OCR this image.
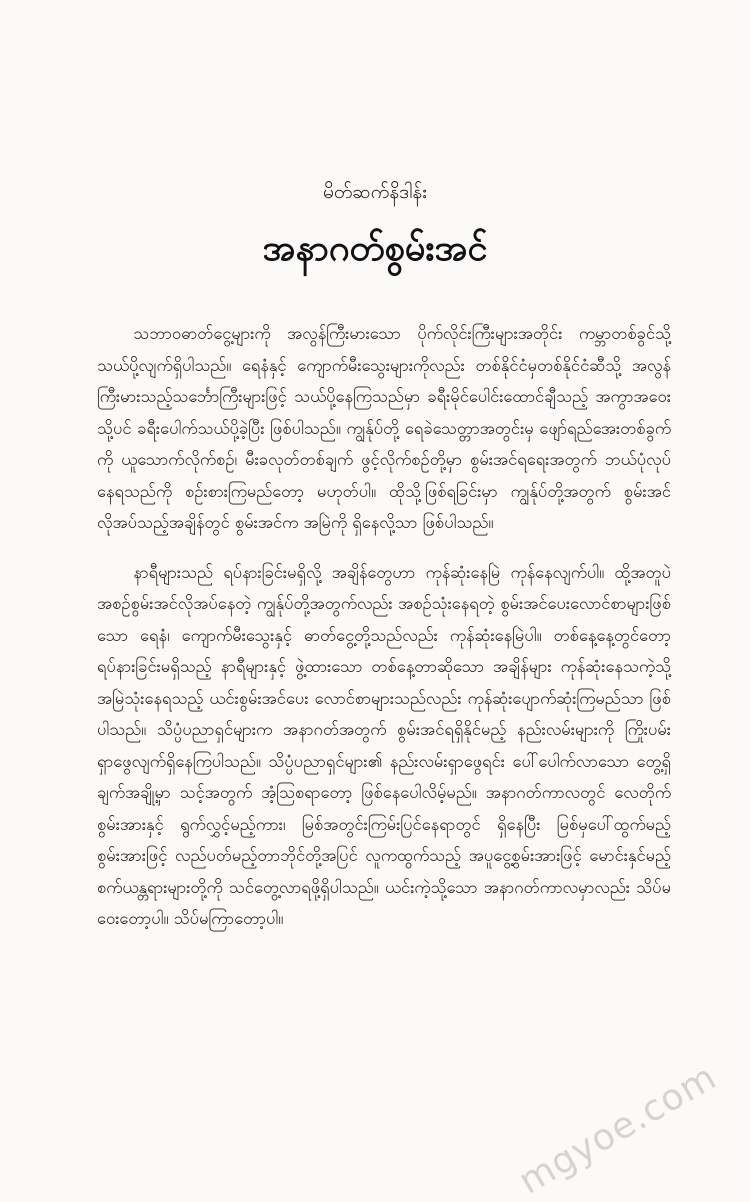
မိတ်ဆက်နိဒါန်း
အနာဂတ်စွမ်းအင်

သဘာဝဓာတ်ငွေ့များကို အလွန်ကြီးမားသော ပိုက်လိုင်းကြီးများအတိုင်း ကမ္ဘာတစ်ခွင်သို့ သယ်ပို့လျက်ရှိပါသည်။ ရေနံနှင့် ကျောက်မီးသွေးများကိုလည်း တစ်နိုင်ငံမှတစ်နိုင်ငံဆီသို့ အလွန်ကြီးမားသည့်သင်္ဘောကြီးများဖြင့် သယ်ပို့နေကြသည်မှာ ခရီးမိုင်ပေါင်းထောင်ချီသည့် အကွာအဝေးသို့ပင် ခရီးပေါက်သယ်ပို့ခဲ့ပြီး ဖြစ်ပါသည်။ ကျွန်ုပ်တို့ ရေခဲသေတ္တာအတွင်းမှ ဖျော်ရည်အေးတစ်ခွက်ကို ယူသောက်လိုက်စဉ်၊ မီးခလုတ်တစ်ချက် ဖွင့်လိုက်စဉ်တို့မှာ စွမ်းအင်ရရေးအတွက် ဘယ်ပုံလုပ်နေရသည်ကို စဉ်းစားကြမည်တော့ မဟုတ်ပါ။ ထိုသို့ဖြစ်ရခြင်းမှာ ကျွန်ုပ်တို့အတွက် စွမ်းအင်လိုအပ်သည့်အချိန်တွင် စွမ်းအင်က အမြဲကို ရှိနေလို့သာ ဖြစ်ပါသည်။

နာရီများသည် ရပ်နားခြင်းမရှိလို့ အချိန်တွေဟာ ကုန်ဆုံးနေမြဲ ကုန်နေလျက်ပါ။ ထို့အတူပဲ အစဉ်စွမ်းအင်လိုအပ်နေတဲ့ ကျွန်ုပ်တို့အတွက်လည်း အစဉ်သုံးနေရတဲ့ စွမ်းအင်ပေးလောင်စာများဖြစ်သော ရေနံ၊ ကျောက်မီးသွေးနှင့် ဓာတ်ငွေ့တို့သည်လည်း ကုန်ဆုံးနေမြဲပါ။ တစ်နေ့နေ့တွင်တော့ ရပ်နားခြင်းမရှိသည့် နာရီများနှင့် ဖွဲ့ထားသော တစ်နေ့တာဆိုသော အချိန်များ ကုန်ဆုံးနေသကဲ့သို့ အမြဲသုံးနေရသည့် ယင်းစွမ်းအင်ပေး လောင်စာများသည်လည်း ကုန်ဆုံးပျောက်ဆုံးကြမည်သာ ဖြစ်ပါသည်။ သိပ္ပံပညာရှင်များက အနာဂတ်အတွက် စွမ်းအင်ရရှိနိုင်မည့် နည်းလမ်းများကို ကြိုးပမ်းရှာဖွေလျက်ရှိနေကြပါသည်။ သိပ္ပံပညာရှင်များ၏ နည်းလမ်းရှာဖွေရင်း ပေါ်ပေါက်လာသော တွေ့ရှိချက်အချို့မှာ သင့်အတွက် အံ့သြစရာတော့ ဖြစ်နေပေါလိမ့်မည်။ အနာဂတ်ကာလတွင် လေတိုက်စွမ်းအားနှင့် ရွက်လွှင့်မည့်ကား၊ မြစ်အတွင်းကြမ်းပြင်နေရာတွင် ရှိနေပြီး မြစ်မှပေါ်ထွက်မည့် စွမ်းအားဖြင့် လည်ပတ်မည့်တာဘိုင်တို့အပြင် လူကထွက်သည့် အပူငွေ့စွမ်းအားဖြင့် မောင်းနှင်မည့်စက်ယန္တရားများတို့ကို သင်တွေ့လာရဖို့ရှိပါသည်။ ယင်းကဲ့သို့သော အနာဂတ်ကာလမှာလည်း သိပ်မဝေးတော့ပါ။ သိပ်မကြာတော့ပါ။

mgyoe.com
